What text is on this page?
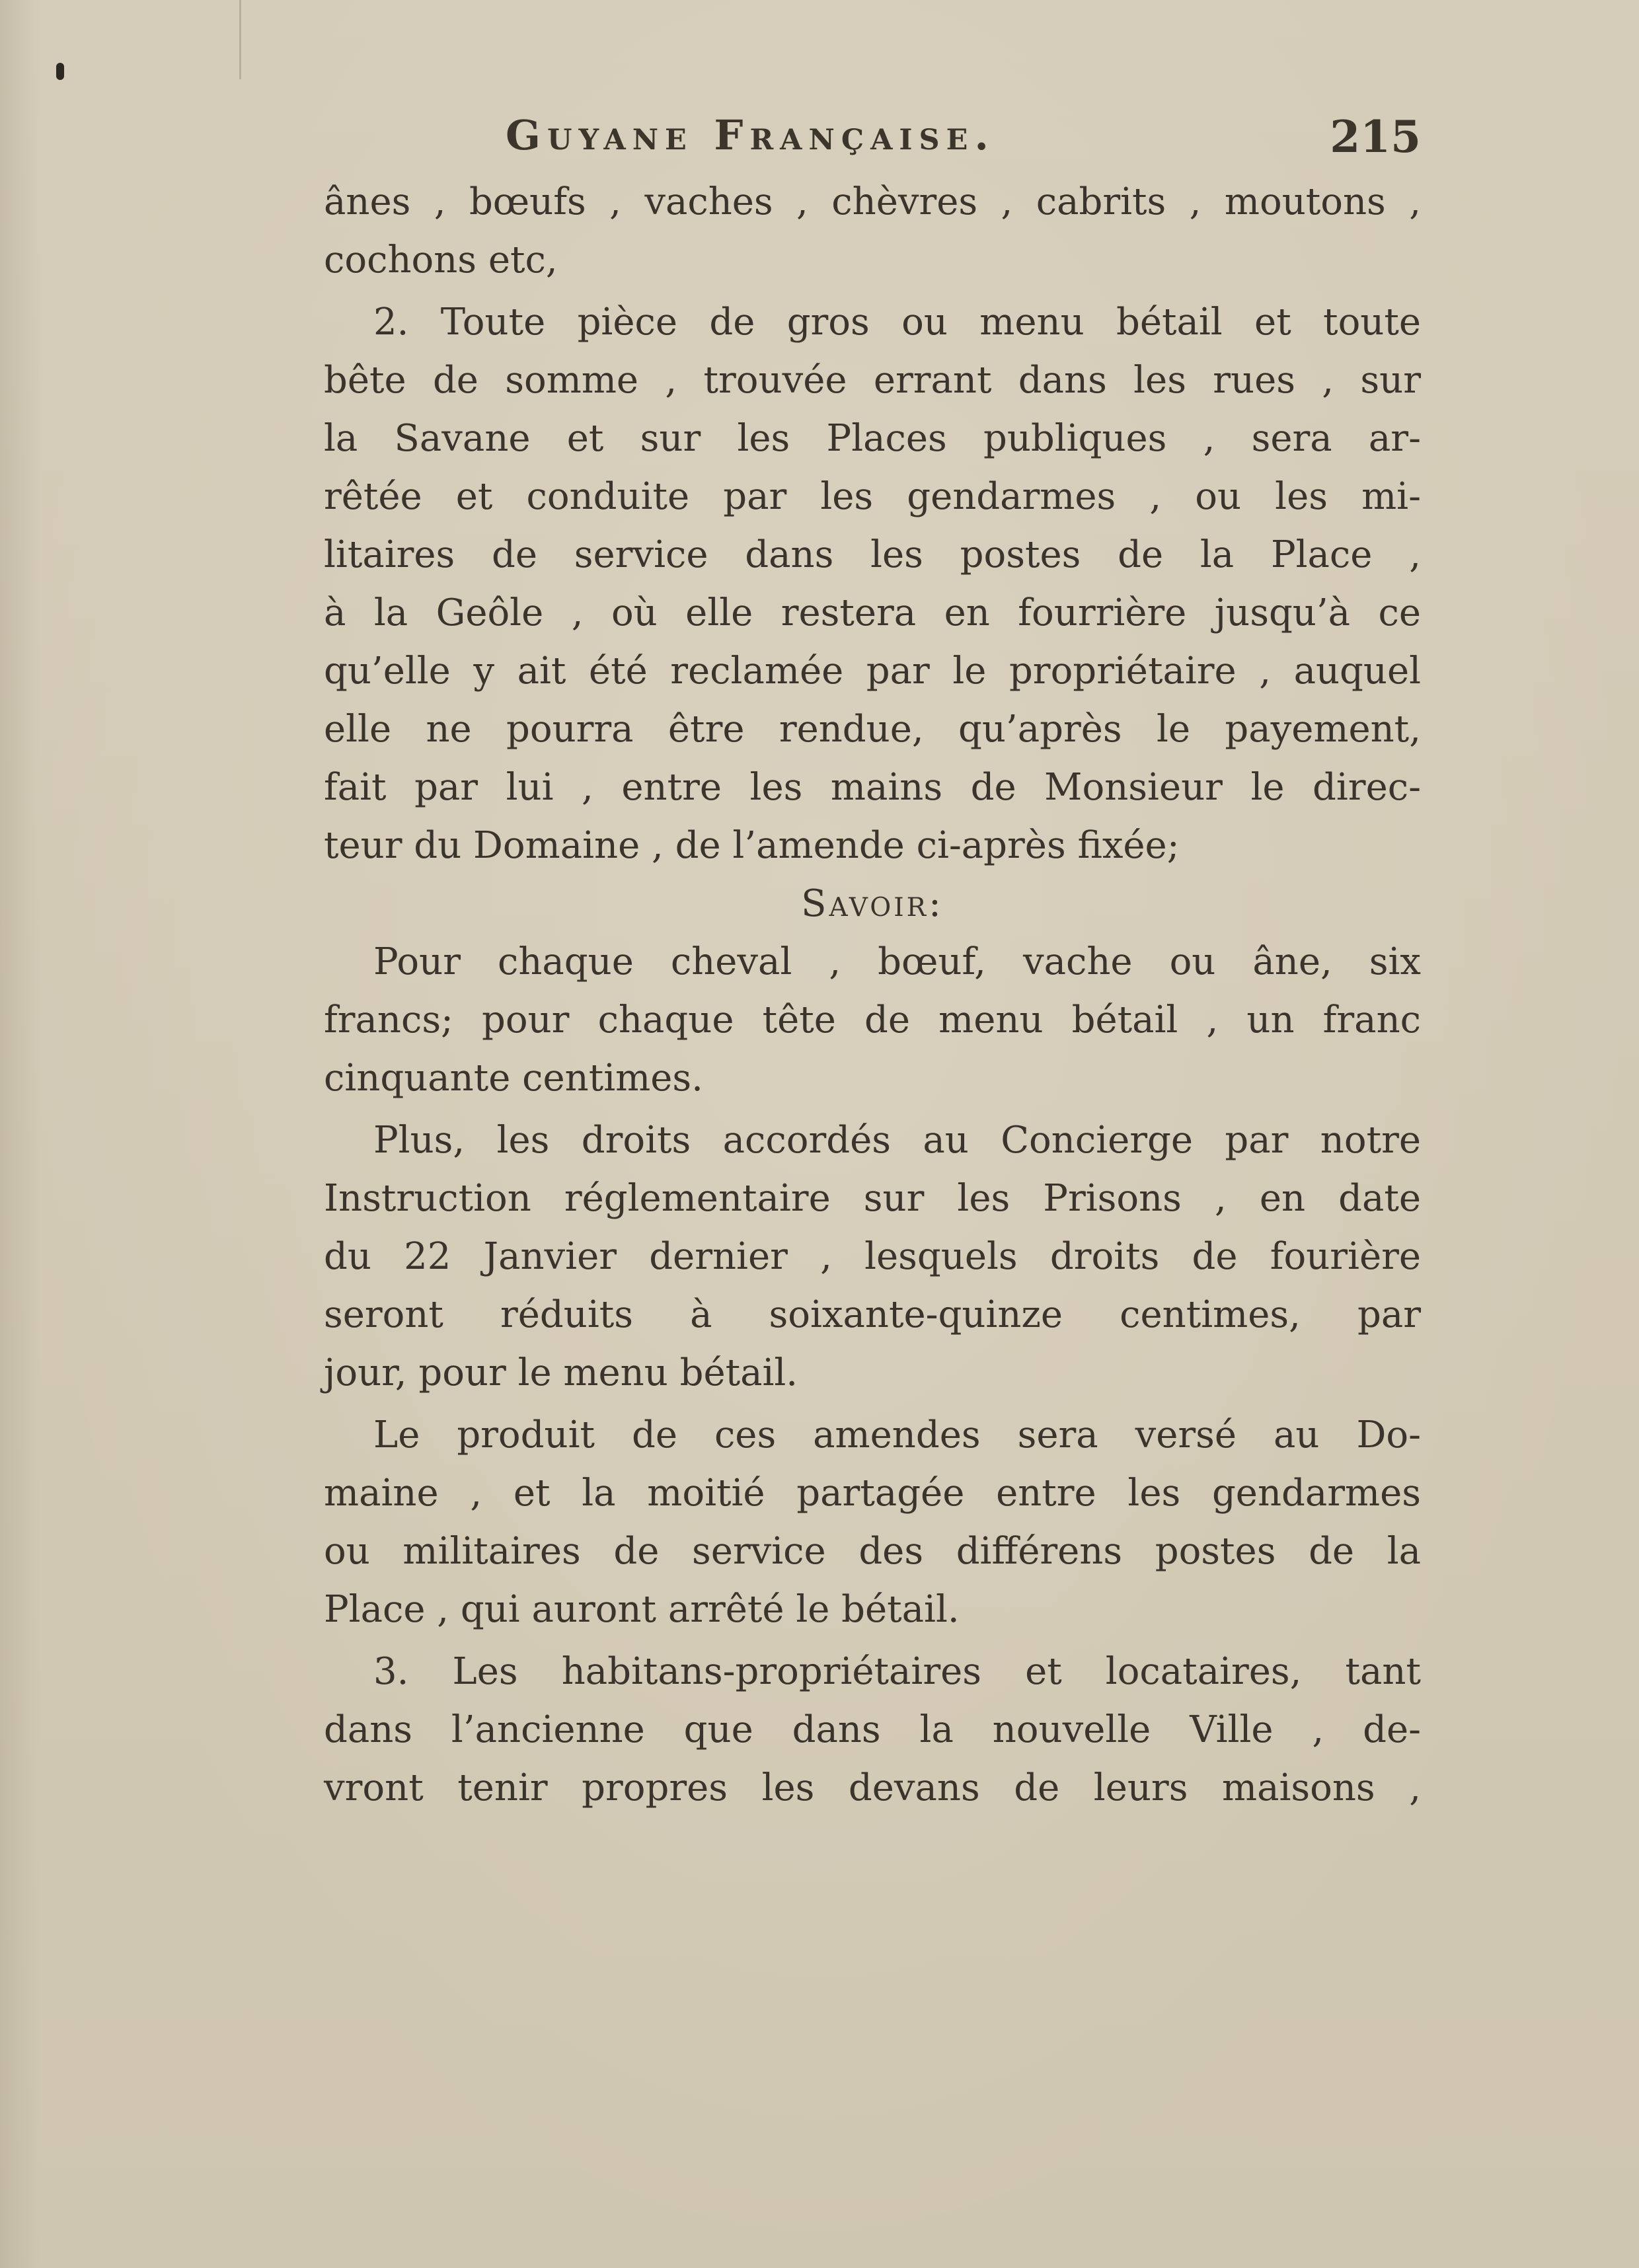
Guyane Française.	215
ânes , bœufs , vaches , chèvres , cabrits , moutons ,
cochons etc,
2. Toute pièce de gros ou menu bétail et toute
bête de somme , trouvée errant dans les rues , sur
la Savane et sur les Places publiques , sera ar-
rêtée et conduite par les gendarmes , ou les mi-
litaires de service dans les postes de la Place ,
à la Geôle , où elle restera en fourrière jusqu’à ce
qu’elle y ait été reclamée par le propriétaire , auquel
elle ne pourra être rendue, qu’après le payement,
fait par lui , entre les mains de Monsieur le direc-
teur du Domaine , de l’amende ci-après fixée;
Savoir:
Pour chaque cheval , bœuf, vache ou âne, six
francs; pour chaque tête de menu bétail , un franc
cinquante centimes.
Plus, les droits accordés au Concierge par notre
Instruction réglementaire sur les Prisons , en date
du 22 Janvier dernier , lesquels droits de fourière
seront réduits à soixante-quinze centimes, par
jour, pour le menu bétail.
Le produit de ces amendes sera versé au Do-
maine , et la moitié partagée entre les gendarmes
ou militaires de service des différens postes de la
Place , qui auront arrêté le bétail.
3. Les habitans-propriétaires et locataires, tant
dans l’ancienne que dans la nouvelle Ville , de-
vront tenir propres les devans de leurs maisons ,
